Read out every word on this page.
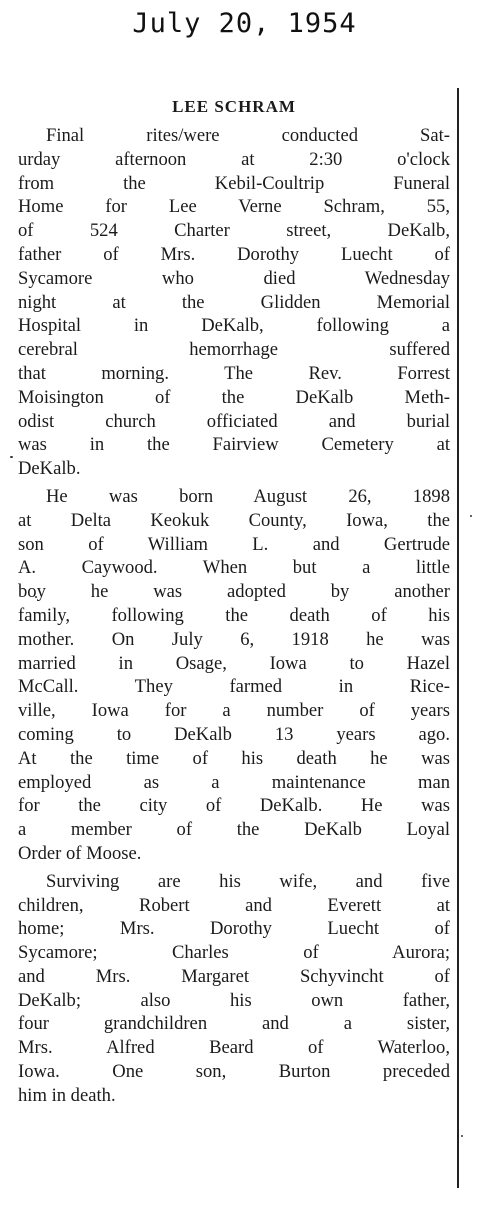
July 20, 1954
LEE SCHRAM
Final rites/were conducted Sat-
urday afternoon at 2:30 o'clock
from the Kebil-Coultrip Funeral
Home for Lee Verne Schram, 55,
of 524 Charter street, DeKalb,
father of Mrs. Dorothy Luecht of
Sycamore who died Wednesday
night at the Glidden Memorial
Hospital in DeKalb, following a
cerebral hemorrhage suffered
that morning. The Rev. Forrest
Moisington of the DeKalb Meth-
odist church officiated and burial
was in the Fairview Cemetery at
DeKalb.
He was born August 26, 1898
at Delta Keokuk County, Iowa, the
son of William L. and Gertrude
A. Caywood. When but a little
boy he was adopted by another
family, following the death of his
mother. On July 6, 1918 he was
married in Osage, Iowa to Hazel
McCall. They farmed in Rice-
ville, Iowa for a number of years
coming to DeKalb 13 years ago.
At the time of his death he was
employed as a maintenance man
for the city of DeKalb. He was
a member of the DeKalb Loyal
Order of Moose.
Surviving are his wife, and five
children, Robert and Everett at
home; Mrs. Dorothy Luecht of
Sycamore; Charles of Aurora;
and Mrs. Margaret Schyvincht of
DeKalb; also his own father,
four grandchildren and a sister,
Mrs. Alfred Beard of Waterloo,
Iowa. One son, Burton preceded
him in death.
